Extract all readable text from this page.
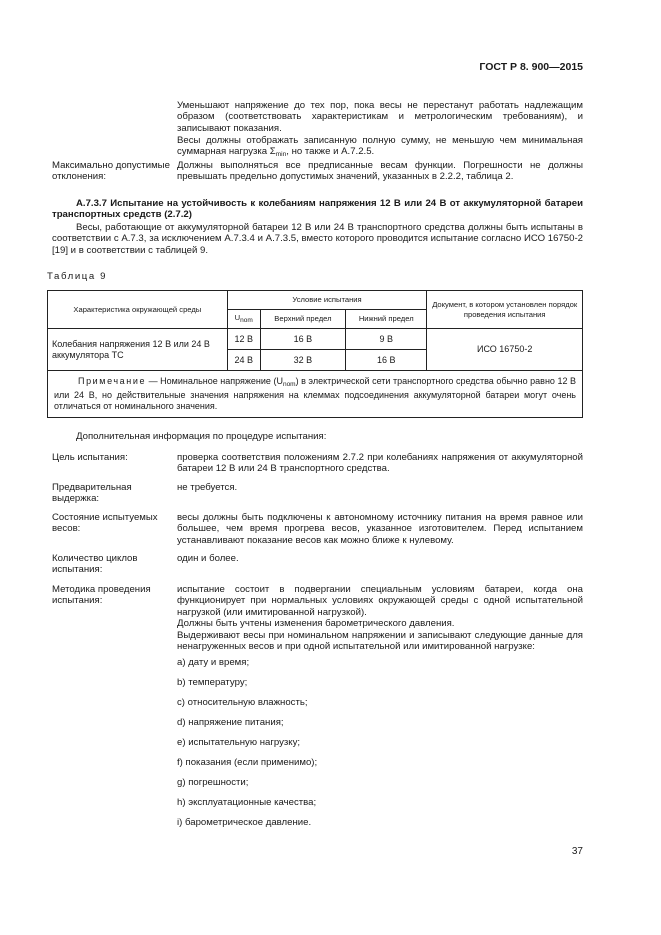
ГОСТ Р 8. 900—2015
Уменьшают напряжение до тех пор, пока весы не перестанут работать надлежащим образом (соответствовать характеристикам и метрологическим требованиям), и записывают показания.
Весы должны отображать записанную полную сумму, не меньшую чем минимальная суммарная нагрузка $\Sigma_{min}$, но также и А.7.2.5.
Максимально допустимые отклонения:
Должны выполняться все предписанные весам функции. Погрешности не должны превышать предельно допустимых значений, указанных в 2.2.2, таблица 2.
А.7.3.7 Испытание на устойчивость к колебаниям напряжения 12 В или 24 В от аккумуляторной батареи транспортных средств (2.7.2)
Весы, работающие от аккумуляторной батареи 12 В или 24 В транспортного средства должны быть испытаны в соответствии с А.7.3, за исключением А.7.3.4 и А.7.3.5, вместо которого проводится испытание согласно ИСО 16750-2 [19] и в соответствии с таблицей 9.
Таблица 9
Характеристика окружающей среды	Условие испытания			Документ, в котором установлен порядок проведения испытания
	Unom	Верхний предел	Нижний предел	
Колебания напряжения 12 В или 24 В аккумулятора ТС	12 В	16 В	9 В	ИСО 16750-2
	24 В	32 В	16 В	
Примечание — Номинальное напряжение $(U_{nom})$ в электрической сети транспортного средства обычно равно 12 В или 24 В, но действительные значения напряжения на клеммах подсоединения аккумуляторной батареи могут очень отличаться от номинального значения.				
Дополнительная информация по процедуре испытания:
Цель испытания:	проверка соответствия положениям 2.7.2 при колебаниях напряжения от аккумуляторной батареи 12 В или 24 В транспортного средства.
Предварительная выдержка:
не требуется.
Состояние испытуемых весов:
весы должны быть подключены к автономному источнику питания на время равное или большее, чем время прогрева весов, указанное изготовителем. Перед испытанием устанавливают показание весов как можно ближе к нулевому.
Количество циклов испытания:
один и более.
Методика проведения испытания:
испытание состоит в подвергании специальным условиям батареи, когда она функционирует при нормальных условиях окружающей среды с одной испытательной нагрузкой (или имитированной нагрузкой).
Должны быть учтены изменения барометрического давления.
Выдерживают весы при номинальном напряжении и записывают следующие данные для ненагруженных весов и при одной испытательной или имитированной нагрузке:
a) дату и время;
b) температуру;
c) относительную влажность;
d) напряжение питания;
e) испытательную нагрузку;
f) показания (если применимо);
g) погрешности;
h) эксплуатационные качества;
i) барометрическое давление.
37
